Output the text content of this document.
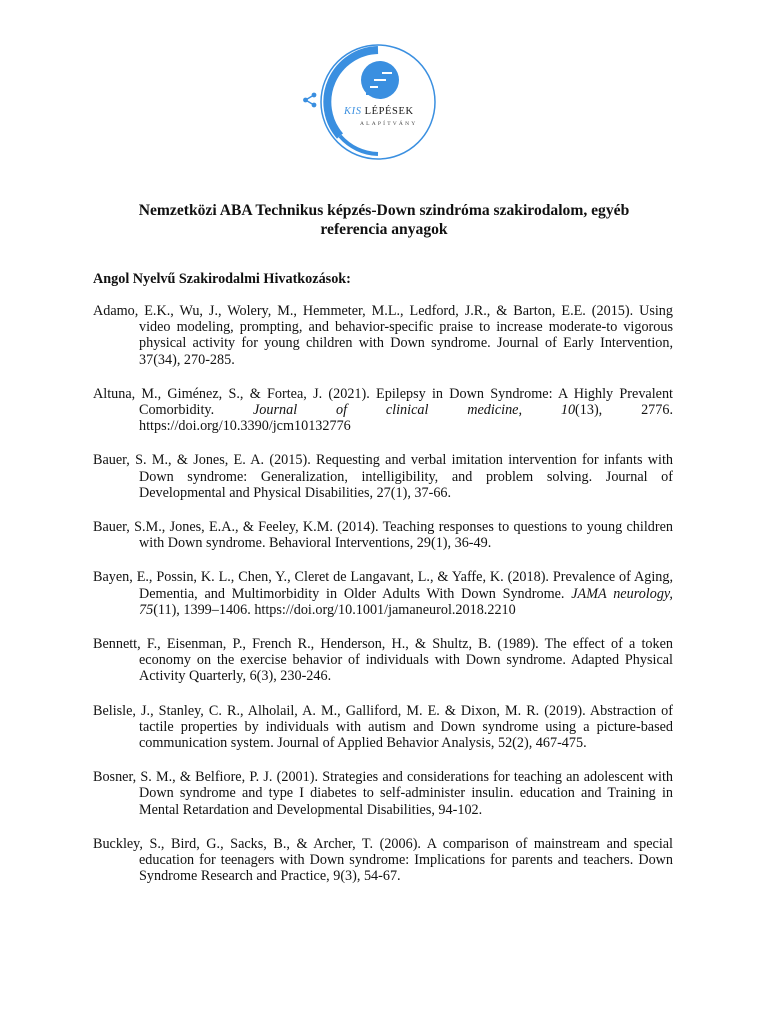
KIS LÉPÉSEK
ALAPÍTVÁNY
Nemzetközi ABA Technikus képzés-Down szindróma szakirodalom, egyéb
referencia anyagok
Angol Nyelvű Szakirodalmi Hivatkozások:

Adamo, E.K., Wu, J., Wolery, M., Hemmeter, M.L., Ledford, J.R., & Barton, E.E. (2015). Using video modeling, prompting, and behavior-specific praise to increase moderate-to vigorous physical activity for young children with Down syndrome. Journal of Early Intervention, 37(34), 270-285.

Altuna, M., Giménez, S., & Fortea, J. (2021). Epilepsy in Down Syndrome: A Highly Prevalent Comorbidity. Journal of clinical medicine, 10(13), 2776. https://doi.org/10.3390/jcm10132776

Bauer, S. M., & Jones, E. A. (2015). Requesting and verbal imitation intervention for infants with Down syndrome: Generalization, intelligibility, and problem solving. Journal of Developmental and Physical Disabilities, 27(1), 37-66.

Bauer, S.M., Jones, E.A., & Feeley, K.M. (2014). Teaching responses to questions to young children with Down syndrome. Behavioral Interventions, 29(1), 36-49.

Bayen, E., Possin, K. L., Chen, Y., Cleret de Langavant, L., & Yaffe, K. (2018). Prevalence of Aging, Dementia, and Multimorbidity in Older Adults With Down Syndrome. JAMA neurology, 75(11), 1399–1406. https://doi.org/10.1001/jamaneurol.2018.2210

Bennett, F., Eisenman, P., French R., Henderson, H., & Shultz, B. (1989). The effect of a token economy on the exercise behavior of individuals with Down syndrome. Adapted Physical Activity Quarterly, 6(3), 230-246.

Belisle, J., Stanley, C. R., Alholail, A. M., Galliford, M. E. & Dixon, M. R. (2019). Abstraction of tactile properties by individuals with autism and Down syndrome using a picture‐based communication system. Journal of Applied Behavior Analysis, 52(2), 467-475.

Bosner, S. M., & Belfiore, P. J. (2001). Strategies and considerations for teaching an adolescent with Down syndrome and type I diabetes to self-administer insulin. education and Training in Mental Retardation and Developmental Disabilities, 94-102.

Buckley, S., Bird, G., Sacks, B., & Archer, T. (2006). A comparison of mainstream and special education for teenagers with Down syndrome: Implications for parents and teachers. Down Syndrome Research and Practice, 9(3), 54-67.
